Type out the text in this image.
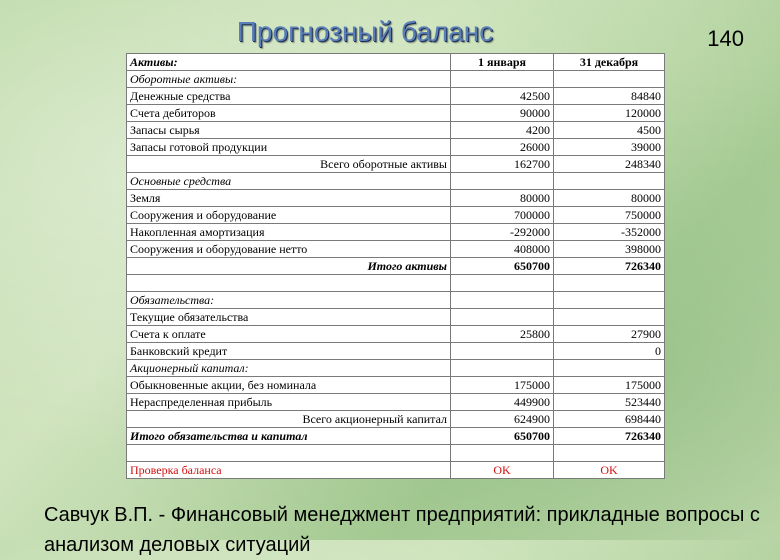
Прогнозный баланс	140
Активы:	1 января	31 декабря
Оборотные активы:		
Денежные средства	42500	84840
Счета дебиторов	90000	120000
Запасы сырья	4200	4500
Запасы готовой продукции	26000	39000
Всего оборотные активы	162700	248340
Основные средства		
Земля	80000	80000
Сооружения и оборудование	700000	750000
Накопленная амортизация	-292000	-352000
Сооружения и оборудование нетто	408000	398000
Итого активы	650700	726340

Обязательства:		
Текущие обязательства		
Счета к оплате	25800	27900
Банковский кредит		0
Акционерный капитал:		
Обыкновенные акции, без номинала	175000	175000
Нераспределенная прибыль	449900	523440
Всего акционерный капитал	624900	698440
Итого обязательства и капитал	650700	726340

Проверка баланса	OK	OK
Савчук В.П. - Финансовый менеджмент предприятий: прикладные вопросы с анализом деловых ситуаций
